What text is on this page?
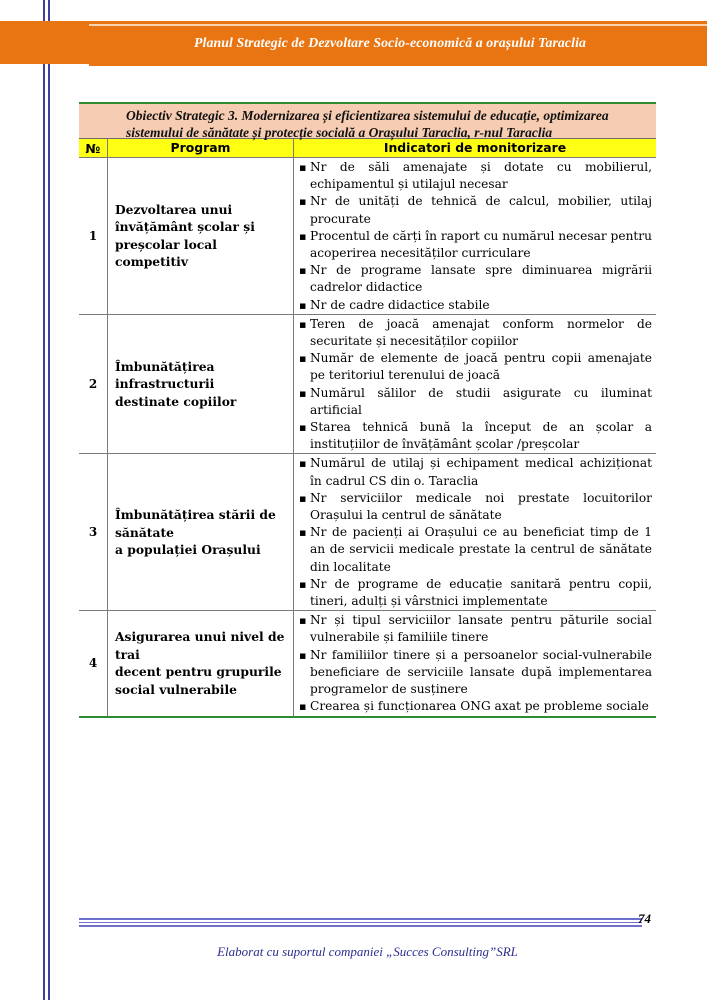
Planul Strategic de Dezvoltare Socio-economică a orașului Taraclia
Obiectiv Strategic 3. Modernizarea și eficientizarea sistemului de educație, optimizarea sistemului de sănătate și protecție socială a Orașului Taraclia, r-nul Taraclia
№	Program	Indicatori de monitorizare
1
Dezvoltarea unui
învățământ școlar și
preșcolar local
competitiv
▪ Nr de săli amenajate și dotate cu mobilierul, echipamentul și utilajul necesar
▪ Nr de unități de tehnică de calcul, mobilier, utilaj procurate
▪ Procentul de cărți în raport cu numărul necesar pentru acoperirea necesităților curriculare
▪ Nr de programe lansate spre diminuarea migrării cadrelor didactice
▪ Nr de cadre didactice stabile
2
Îmbunătățirea
infrastructurii
destinate copiilor
▪ Teren de joacă amenajat conform normelor de securitate și necesităților copiilor
▪ Număr de elemente de joacă pentru copii amenajate pe teritoriul terenului de joacă
▪ Numărul sălilor de studii asigurate cu iluminat artificial
▪ Starea tehnică bună la început de an școlar a instituțiilor de învățământ școlar /preșcolar
3
Îmbunătățirea stării de
sănătate
a populației Orașului
▪ Numărul de utilaj și echipament medical achiziționat în cadrul CS din o. Taraclia
▪ Nr serviciilor medicale noi prestate locuitorilor Orașului la centrul de sănătate
▪ Nr de pacienți ai Orașului ce au beneficiat timp de 1 an de servicii medicale prestate la centrul de sănătate din localitate
▪ Nr de programe de educație sanitară pentru copii, tineri, adulți și vârstnici implementate
4
Asigurarea unui nivel de trai
decent pentru grupurile
social vulnerabile
▪ Nr și tipul serviciilor lansate pentru păturile social vulnerabile și familiile tinere
▪ Nr familiilor tinere și a persoanelor social-vulnerabile beneficiare de serviciile lansate după implementarea programelor de susținere
▪ Crearea și funcționarea ONG axat pe probleme sociale
74
Elaborat cu suportul companiei „Succes Consulting”SRL
